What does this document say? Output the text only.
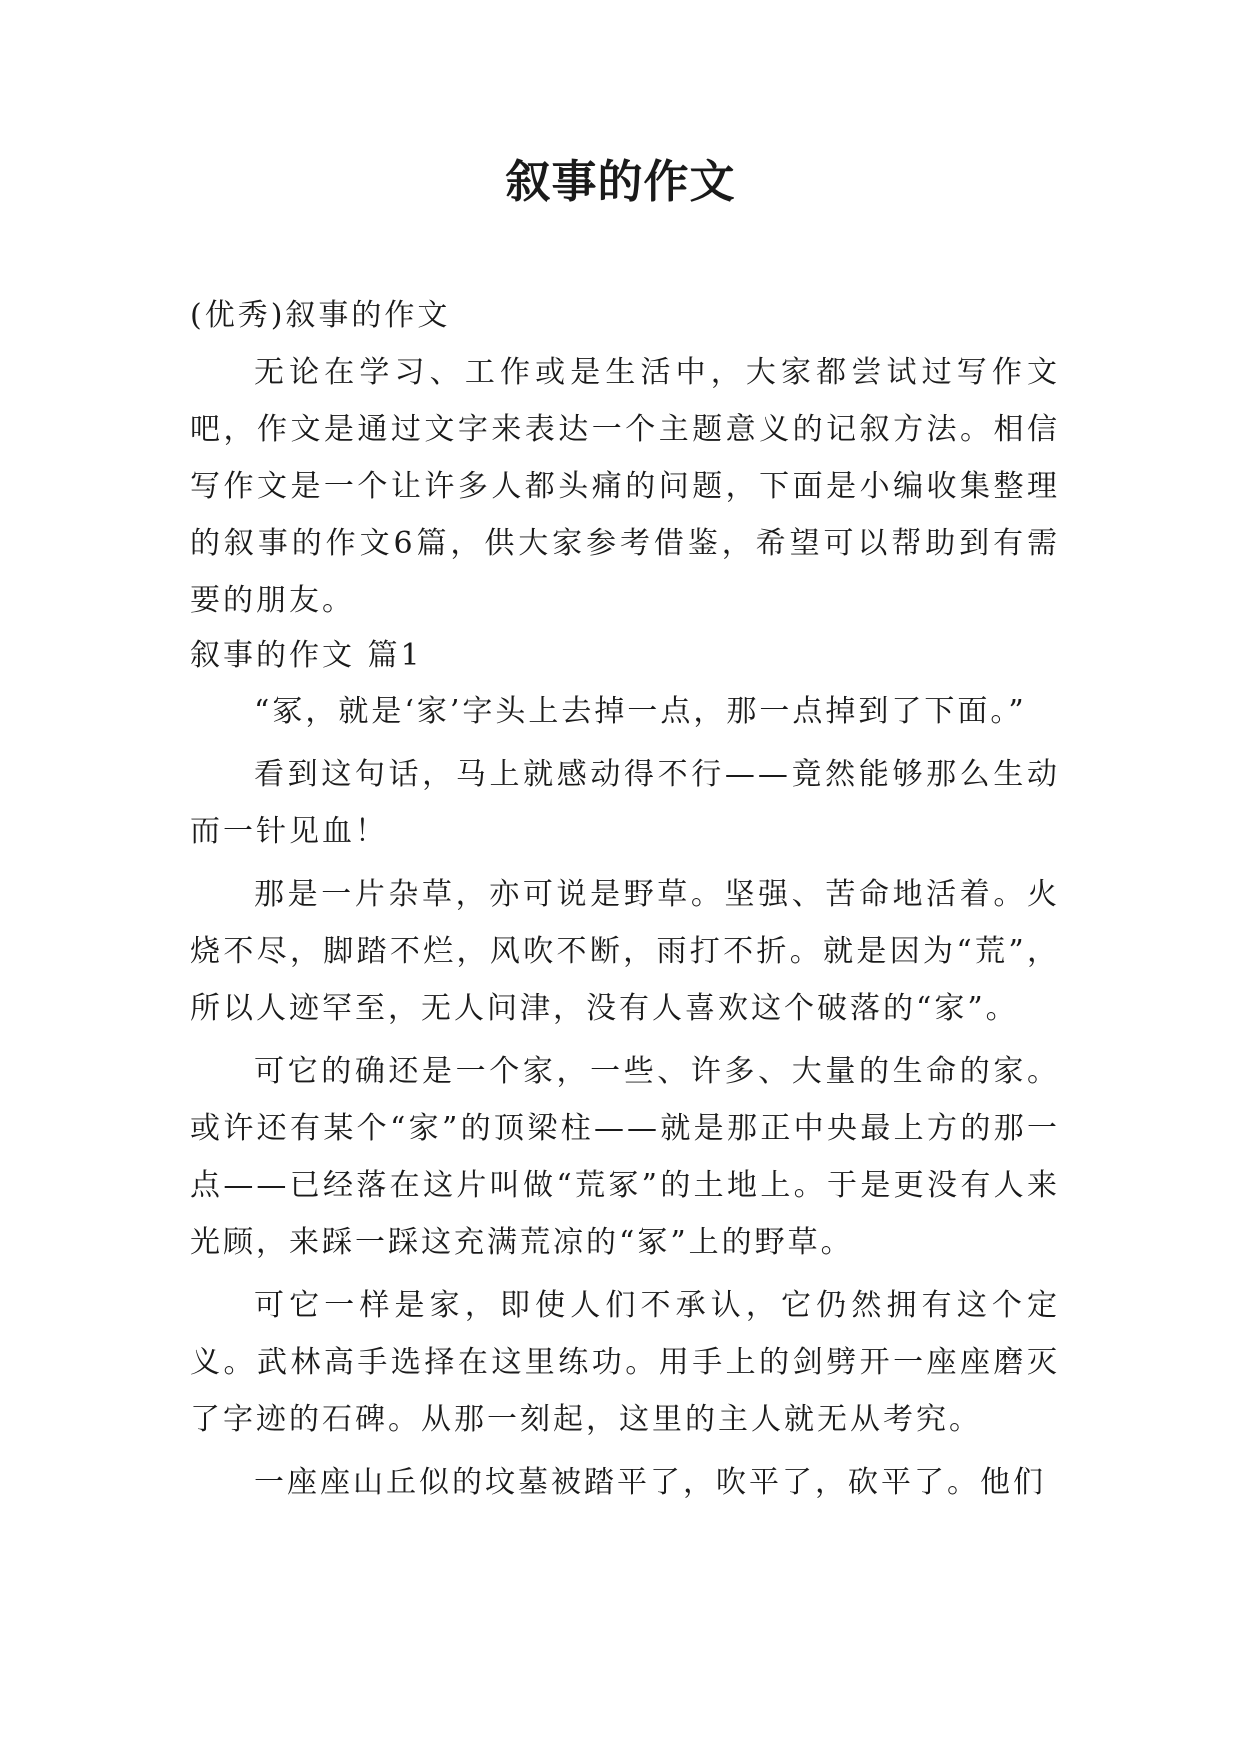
叙事的作文

(优秀)叙事的作文

无论在学习、工作或是生活中，大家都尝试过写作文吧，作文是通过文字来表达一个主题意义的记叙方法。相信写作文是一个让许多人都头痛的问题，下面是小编收集整理的叙事的作文6篇，供大家参考借鉴，希望可以帮助到有需要的朋友。

叙事的作文 篇1

“冢，就是‘家’字头上去掉一点，那一点掉到了下面。”

看到这句话，马上就感动得不行——竟然能够那么生动而一针见血！

那是一片杂草，亦可说是野草。坚强、苦命地活着。火烧不尽，脚踏不烂，风吹不断，雨打不折。就是因为“荒”，所以人迹罕至，无人问津，没有人喜欢这个破落的“家”。

可它的确还是一个家，一些、许多、大量的生命的家。或许还有某个“家”的顶梁柱——就是那正中央最上方的那一点——已经落在这片叫做“荒冢”的土地上。于是更没有人来光顾，来踩一踩这充满荒凉的“冢”上的野草。

可它一样是家，即使人们不承认，它仍然拥有这个定义。武林高手选择在这里练功。用手上的剑劈开一座座磨灭了字迹的石碑。从那一刻起，这里的主人就无从考究。

一座座山丘似的坟墓被踏平了，吹平了，砍平了。他们
